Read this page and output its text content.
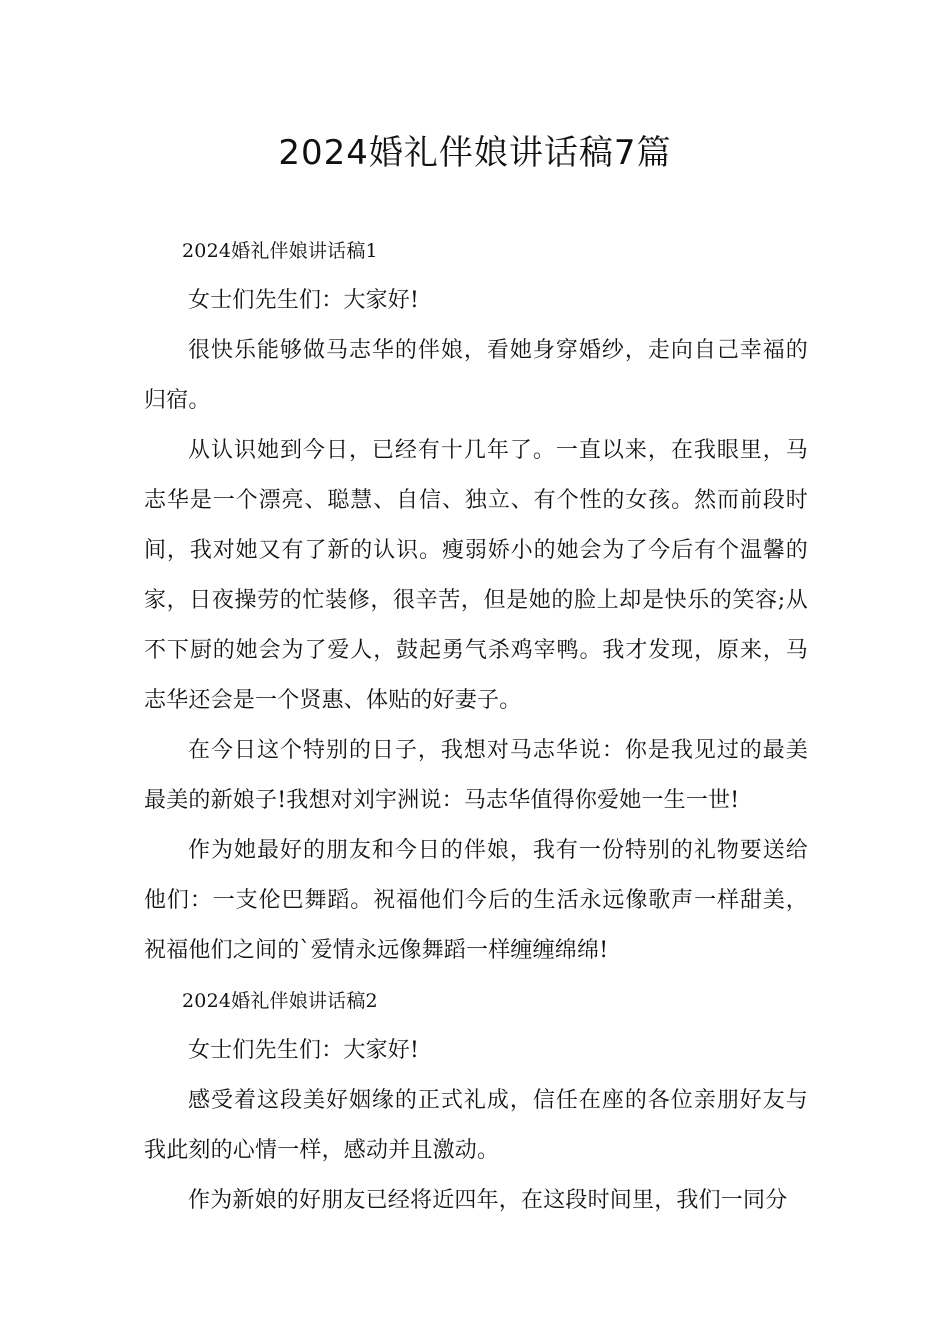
2024婚礼伴娘讲话稿7篇

2024婚礼伴娘讲话稿1

女士们先生们：大家好!

很快乐能够做马志华的伴娘，看她身穿婚纱，走向自己幸福的归宿。

从认识她到今日，已经有十几年了。一直以来，在我眼里，马志华是一个漂亮、聪慧、自信、独立、有个性的女孩。然而前段时间，我对她又有了新的认识。瘦弱娇小的她会为了今后有个温馨的家，日夜操劳的忙装修，很辛苦，但是她的脸上却是快乐的笑容;从不下厨的她会为了爱人，鼓起勇气杀鸡宰鸭。我才发现，原来，马志华还会是一个贤惠、体贴的好妻子。

在今日这个特别的日子，我想对马志华说：你是我见过的最美最美的新娘子!我想对刘宇洲说：马志华值得你爱她一生一世!

作为她最好的朋友和今日的伴娘，我有一份特别的礼物要送给他们：一支伦巴舞蹈。祝福他们今后的生活永远像歌声一样甜美，祝福他们之间的`爱情永远像舞蹈一样缠缠绵绵!

2024婚礼伴娘讲话稿2

女士们先生们：大家好!

感受着这段美好姻缘的正式礼成，信任在座的各位亲朋好友与我此刻的心情一样，感动并且激动。

作为新娘的好朋友已经将近四年，在这段时间里，我们一同分
